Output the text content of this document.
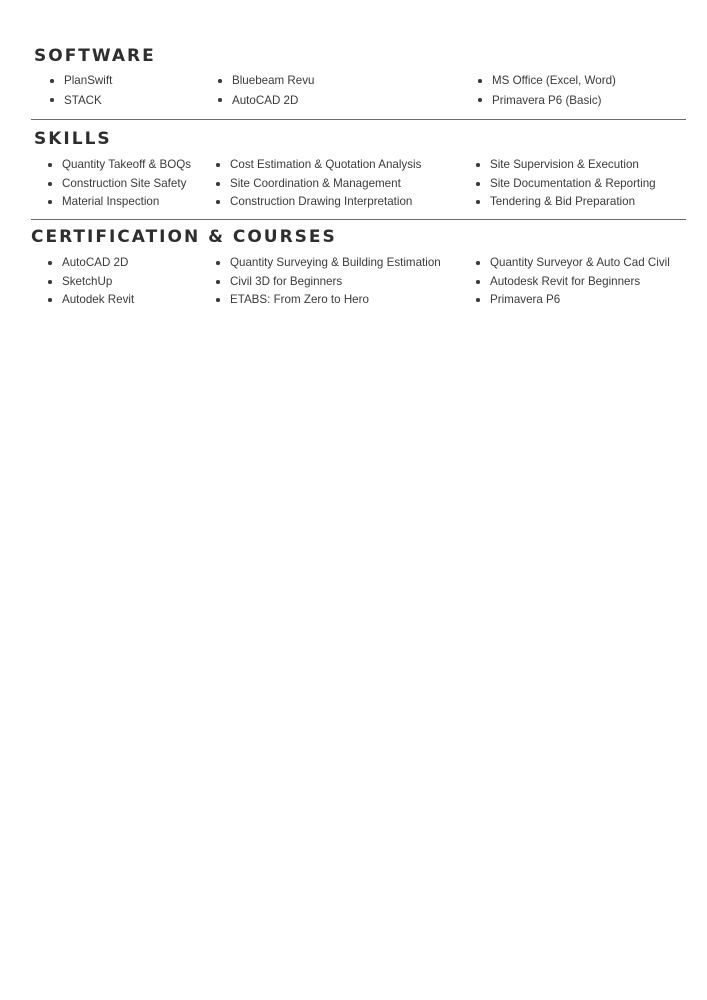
SOFTWARE
PlanSwift
STACK
Bluebeam Revu
AutoCAD 2D
MS Office (Excel, Word)
Primavera P6 (Basic)
SKILLS
Quantity Takeoff & BOQs
Construction Site Safety
Material Inspection
Cost Estimation & Quotation Analysis
Site Coordination & Management
Construction Drawing Interpretation
Site Supervision & Execution
Site Documentation & Reporting
Tendering & Bid Preparation
CERTIFICATION & COURSES
AutoCAD 2D
SketchUp
Autodek Revit
Quantity Surveying & Building Estimation
Civil 3D for Beginners
ETABS: From Zero to Hero
Quantity Surveyor & Auto Cad Civil
Autodesk Revit for Beginners
Primavera P6
